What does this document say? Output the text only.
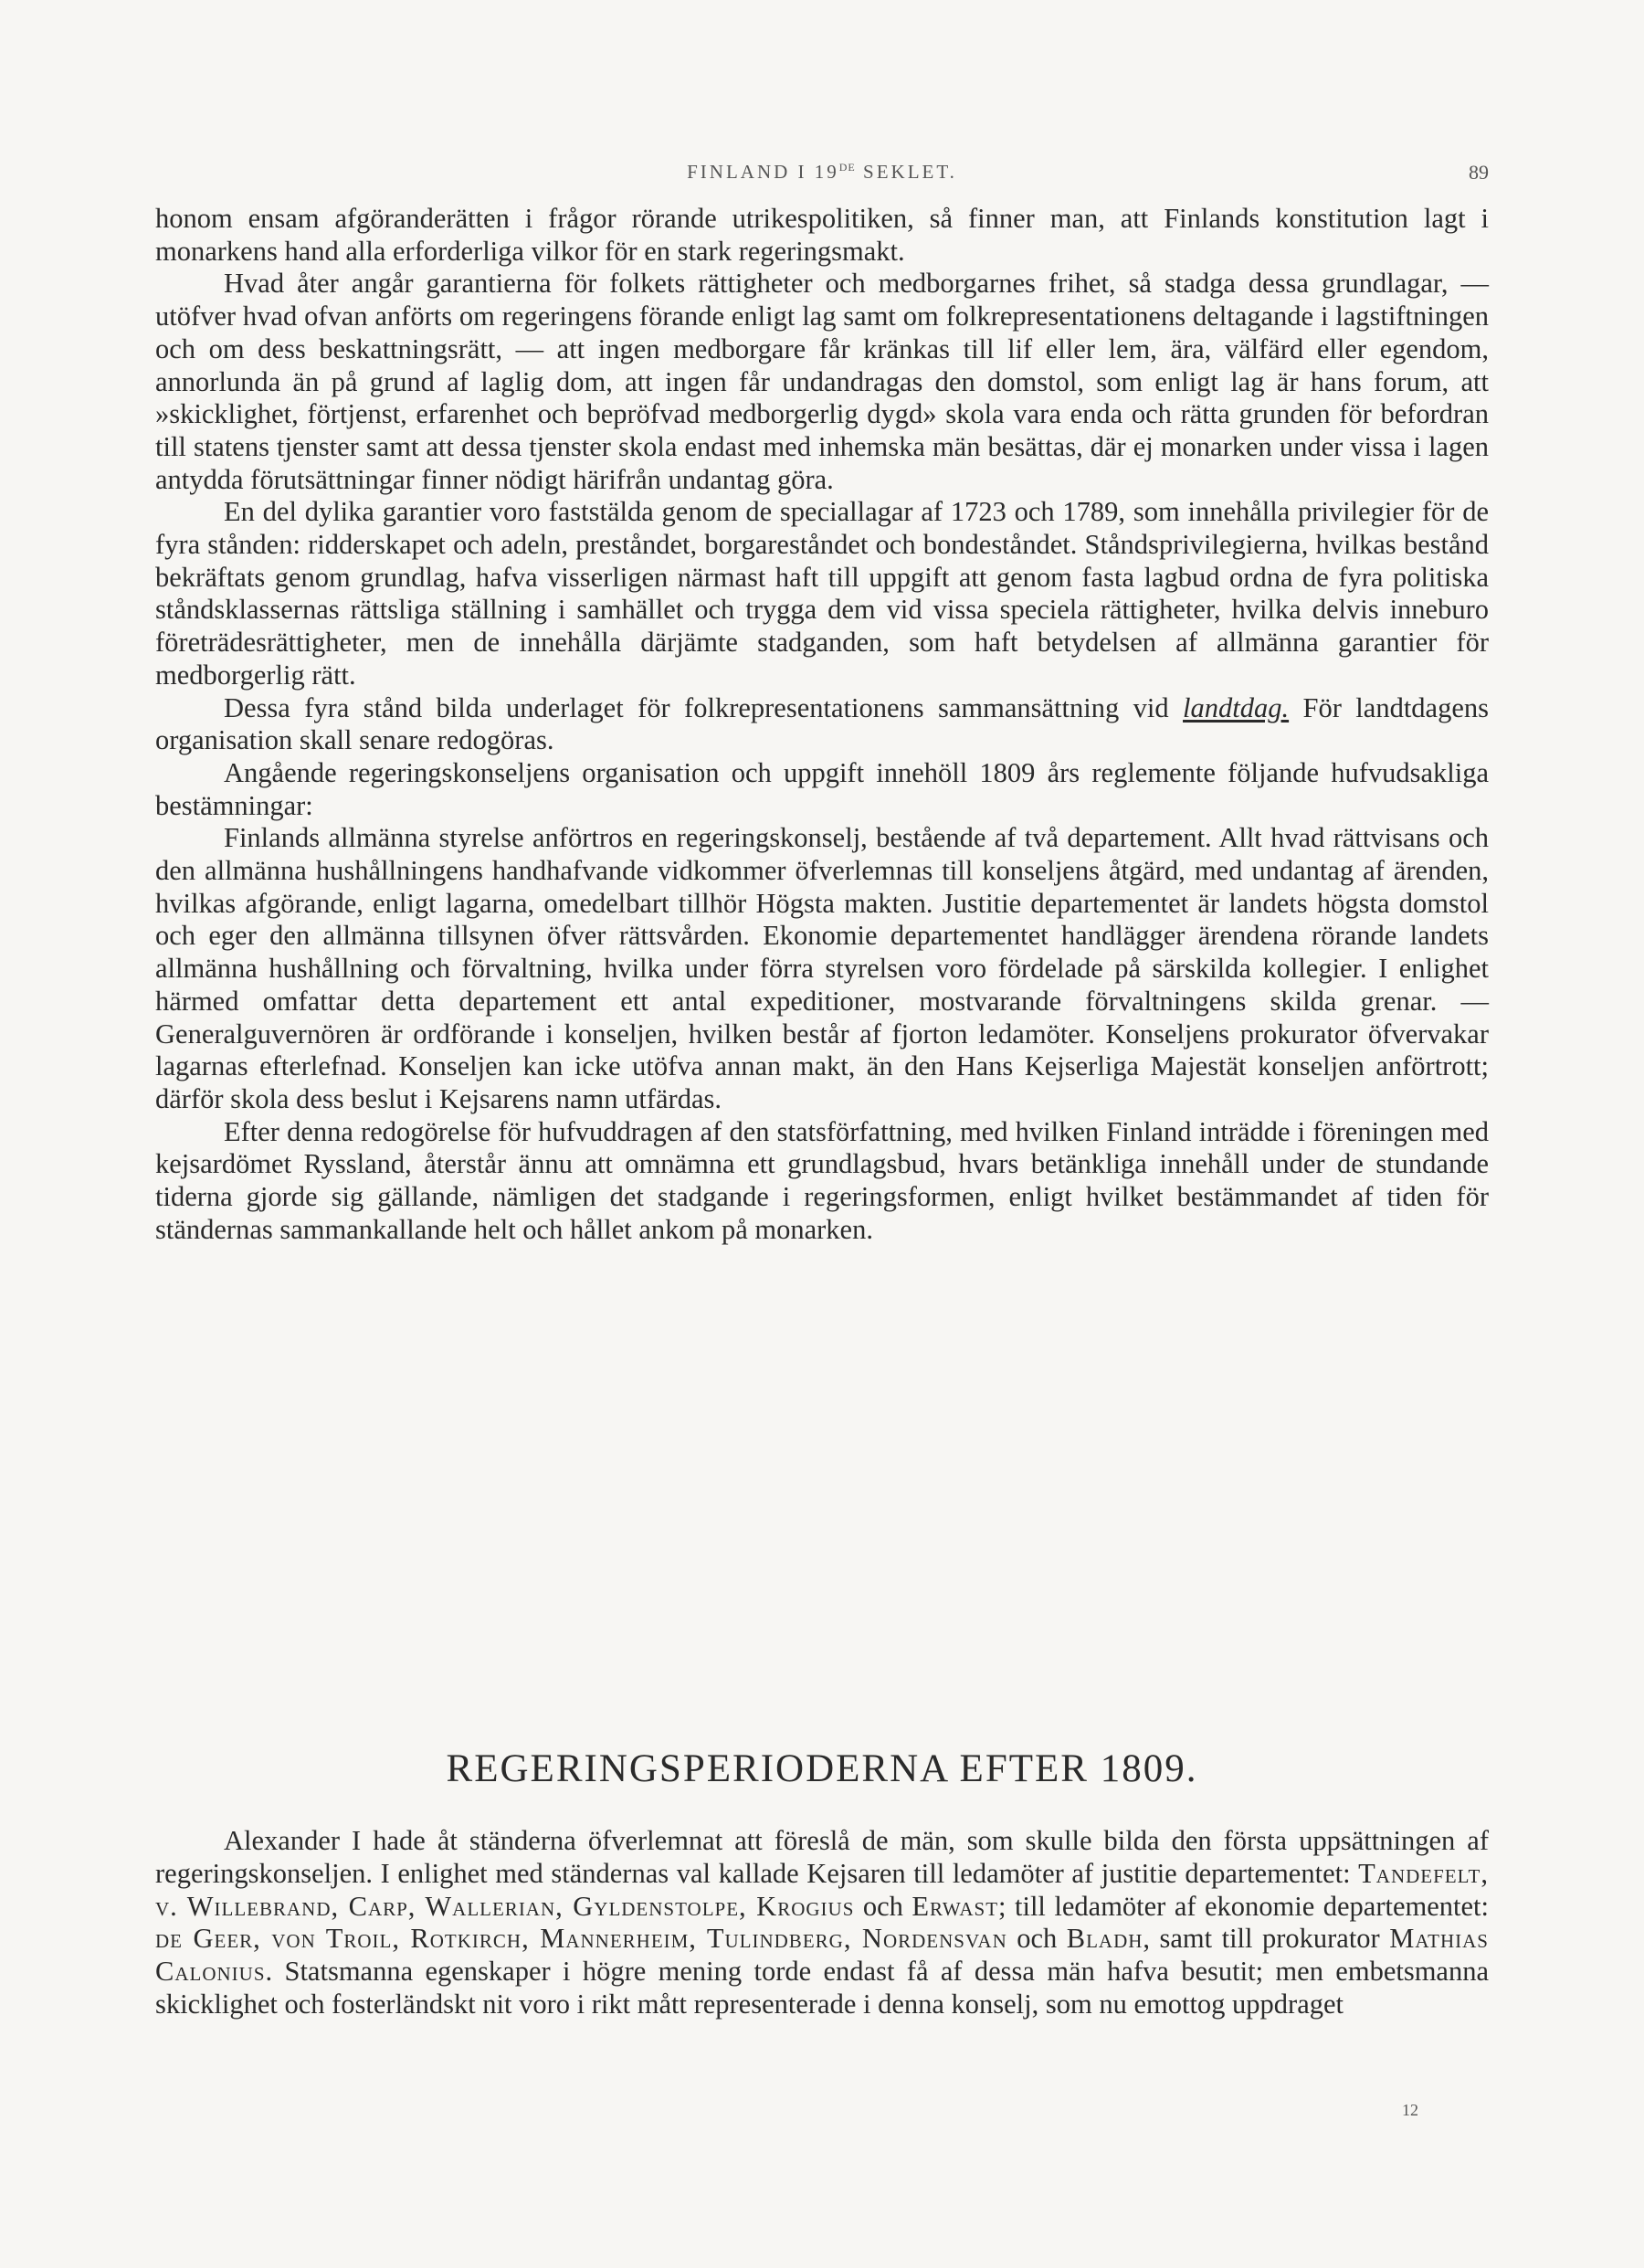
FINLAND I 19DE SEKLET.	89

honom ensam afgöranderätten i frågor rörande utrikespolitiken, så finner man, att Finlands konstitution lagt i monarkens hand alla erforderliga vilkor för en stark regeringsmakt.

Hvad åter angår garantierna för folkets rättigheter och medborgarnes frihet, så stadga dessa grundlagar, — utöfver hvad ofvan anförts om regeringens förande enligt lag samt om folkrepresentationens deltagande i lagstiftningen och om dess beskattningsrätt, — att ingen medborgare får kränkas till lif eller lem, ära, välfärd eller egendom, annorlunda än på grund af laglig dom, att ingen får undandragas den domstol, som enligt lag är hans forum, att »skicklighet, förtjenst, erfarenhet och bepröfvad medborgerlig dygd» skola vara enda och rätta grunden för befordran till statens tjenster samt att dessa tjenster skola endast med inhemska män besättas, där ej monarken under vissa i lagen antydda förutsättningar finner nödigt härifrån undantag göra.

En del dylika garantier voro faststälda genom de speciallagar af 1723 och 1789, som innehålla privilegier för de fyra stånden: ridderskapet och adeln, preståndet, borgareståndet och bondeståndet. Ståndsprivilegierna, hvilkas bestånd bekräftats genom grundlag, hafva visserligen närmast haft till uppgift att genom fasta lagbud ordna de fyra politiska ståndsklassernas rättsliga ställning i samhället och trygga dem vid vissa speciela rättigheter, hvilka delvis inneburo företrädesrättigheter, men de innehålla därjämte stadganden, som haft betydelsen af allmänna garantier för medborgerlig rätt.

Dessa fyra stånd bilda underlaget för folkrepresentationens sammansättning vid landtdag. För landtdagens organisation skall senare redogöras.

Angående regeringskonseljens organisation och uppgift innehöll 1809 års reglemente följande hufvudsakliga bestämningar:

Finlands allmänna styrelse anförtros en regeringskonselj, bestående af två departement. Allt hvad rättvisans och den allmänna hushållningens handhafvande vidkommer öfverlemnas till konseljens åtgärd, med undantag af ärenden, hvilkas afgörande, enligt lagarna, omedelbart tillhör Högsta makten. Justitie departementet är landets högsta domstol och eger den allmänna tillsynen öfver rättsvården. Ekonomie departementet handlägger ärendena rörande landets allmänna hushållning och förvaltning, hvilka under förra styrelsen voro fördelade på särskilda kollegier. I enlighet härmed omfattar detta departement ett antal expeditioner, mostvarande förvaltningens skilda grenar. — Generalguvernören är ordförande i konseljen, hvilken består af fjorton ledamöter. Konseljens prokurator öfvervakar lagarnas efterlefnad. Konseljen kan icke utöfva annan makt, än den Hans Kejserliga Majestät konseljen anförtrott; därför skola dess beslut i Kejsarens namn utfärdas.

Efter denna redogörelse för hufvuddragen af den statsförfattning, med hvilken Finland inträdde i föreningen med kejsardömet Ryssland, återstår ännu att omnämna ett grundlagsbud, hvars betänkliga innehåll under de stundande tiderna gjorde sig gällande, nämligen det stadgande i regeringsformen, enligt hvilket bestämmandet af tiden för ständernas sammankallande helt och hållet ankom på monarken.

REGERINGSPERIODERNA EFTER 1809.

Alexander I hade åt ständerna öfverlemnat att föreslå de män, som skulle bilda den första uppsättningen af regeringskonseljen. I enlighet med ständernas val kallade Kejsaren till ledamöter af justitie departementet: Tandefelt, v. Willebrand, Carp, Wallerian, Gyldenstolpe, Krogius och Erwast; till ledamöter af ekonomie departementet: de Geer, von Troil, Rotkirch, Mannerheim, Tulindberg, Nordensvan och Bladh, samt till prokurator Mathias Calonius. Statsmanna egenskaper i högre mening torde endast få af dessa män hafva besutit; men embetsmanna skicklighet och fosterländskt nit voro i rikt mått representerade i denna konselj, som nu emottog uppdraget

12
